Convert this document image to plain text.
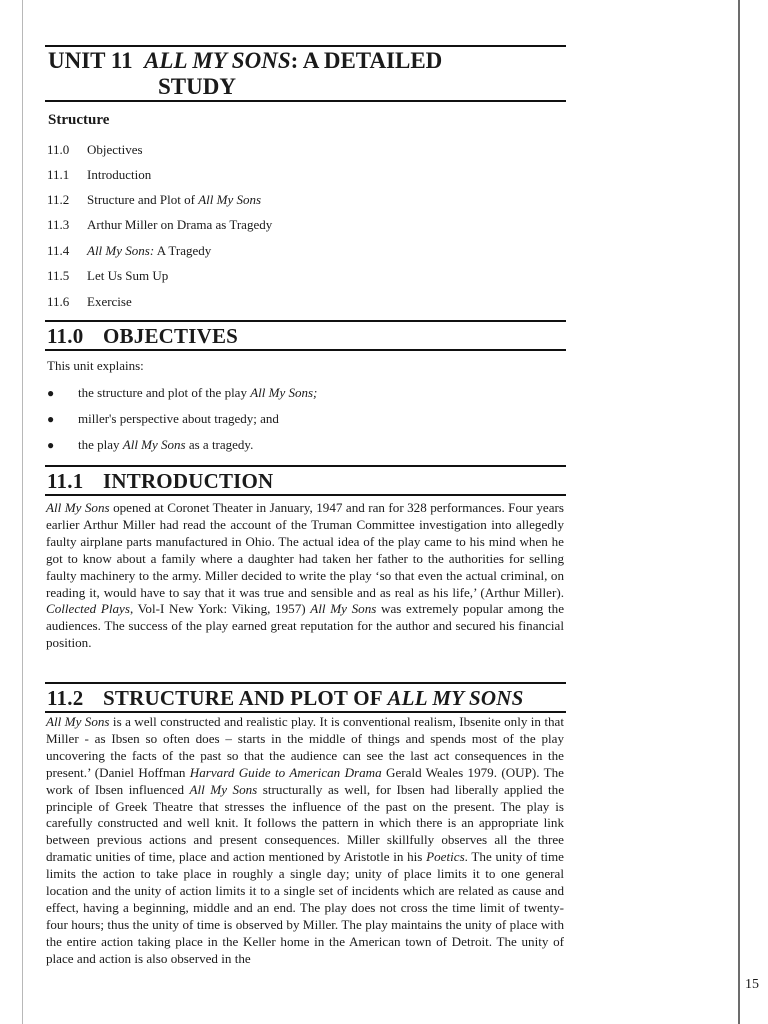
UNIT 11 ALL MY SONS: A DETAILED
STUDY
Structure
11.0 Objectives
11.1 Introduction
11.2 Structure and Plot of All My Sons
11.3 Arthur Miller on Drama as Tragedy
11.4 All My Sons: A Tragedy
11.5 Let Us Sum Up
11.6 Exercise
11.0 OBJECTIVES
This unit explains:
● the structure and plot of the play All My Sons;
● miller's perspective about tragedy; and
● the play All My Sons as a tragedy.
11.1 INTRODUCTION

All My Sons opened at Coronet Theater in January, 1947 and ran for 328 performances. Four years earlier Arthur Miller had read the account of the Truman Committee investigation into allegedly faulty airplane parts manufactured in Ohio. The actual idea of the play came to his mind when he got to know about a family where a daughter had taken her father to the authorities for selling faulty machinery to the army. Miller decided to write the play ‘so that even the actual criminal, on reading it, would have to say that it was true and sensible and as real as his life,’ (Arthur Miller). Collected Plays, Vol-I New York: Viking, 1957) All My Sons was extremely popular among the audiences. The success of the play earned great reputation for the author and secured his financial position.

11.2 STRUCTURE AND PLOT OF ALL MY SONS

All My Sons is a well constructed and realistic play. It is conventional realism, Ibsenite only in that Miller - as Ibsen so often does – starts in the middle of things and spends most of the play uncovering the facts of the past so that the audience can see the last act consequences in the present.’ (Daniel Hoffman Harvard Guide to American Drama Gerald Weales 1979. (OUP). The work of Ibsen influenced All My Sons structurally as well, for Ibsen had liberally applied the principle of Greek Theatre that stresses the influence of the past on the present. The play is carefully constructed and well knit. It follows the pattern in which there is an appropriate link between previous actions and present consequences. Miller skillfully observes all the three dramatic unities of time, place and action mentioned by Aristotle in his Poetics. The unity of time limits the action to take place in roughly a single day; unity of place limits it to one general location and the unity of action limits it to a single set of incidents which are related as cause and effect, having a beginning, middle and an end. The play does not cross the time limit of twenty-four hours; thus the unity of time is observed by Miller. The play maintains the unity of place with the entire action taking place in the Keller home in the American town of Detroit. The unity of place and action is also observed in the

15
